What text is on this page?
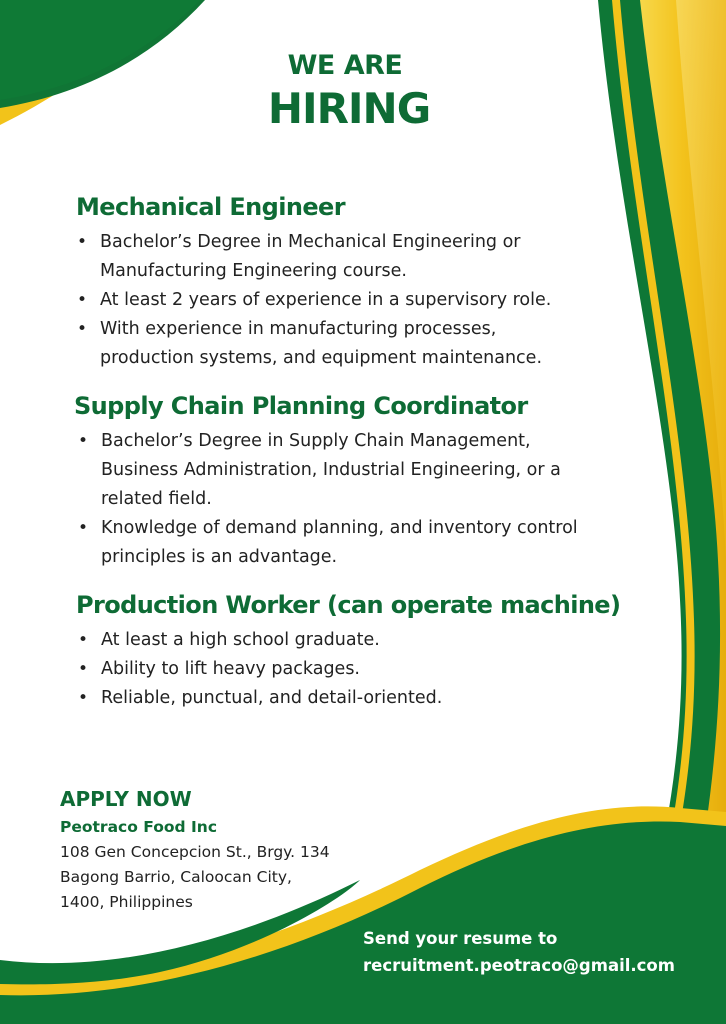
WE ARE
HIRING
Mechanical Engineer
• Bachelor’s Degree in Mechanical Engineering or
Manufacturing Engineering course.
• At least 2 years of experience in a supervisory role.
• With experience in manufacturing processes,
production systems, and equipment maintenance.
Supply Chain Planning Coordinator
• Bachelor’s Degree in Supply Chain Management,
Business Administration, Industrial Engineering, or a
related field.
• Knowledge of demand planning, and inventory control
principles is an advantage.
Production Worker (can operate machine)
• At least a high school graduate.
• Ability to lift heavy packages.
• Reliable, punctual, and detail-oriented.
APPLY NOW
Peotraco Food Inc
108 Gen Concepcion St., Brgy. 134
Bagong Barrio, Caloocan City,
1400, Philippines
Send your resume to
recruitment.peotraco@gmail.com
